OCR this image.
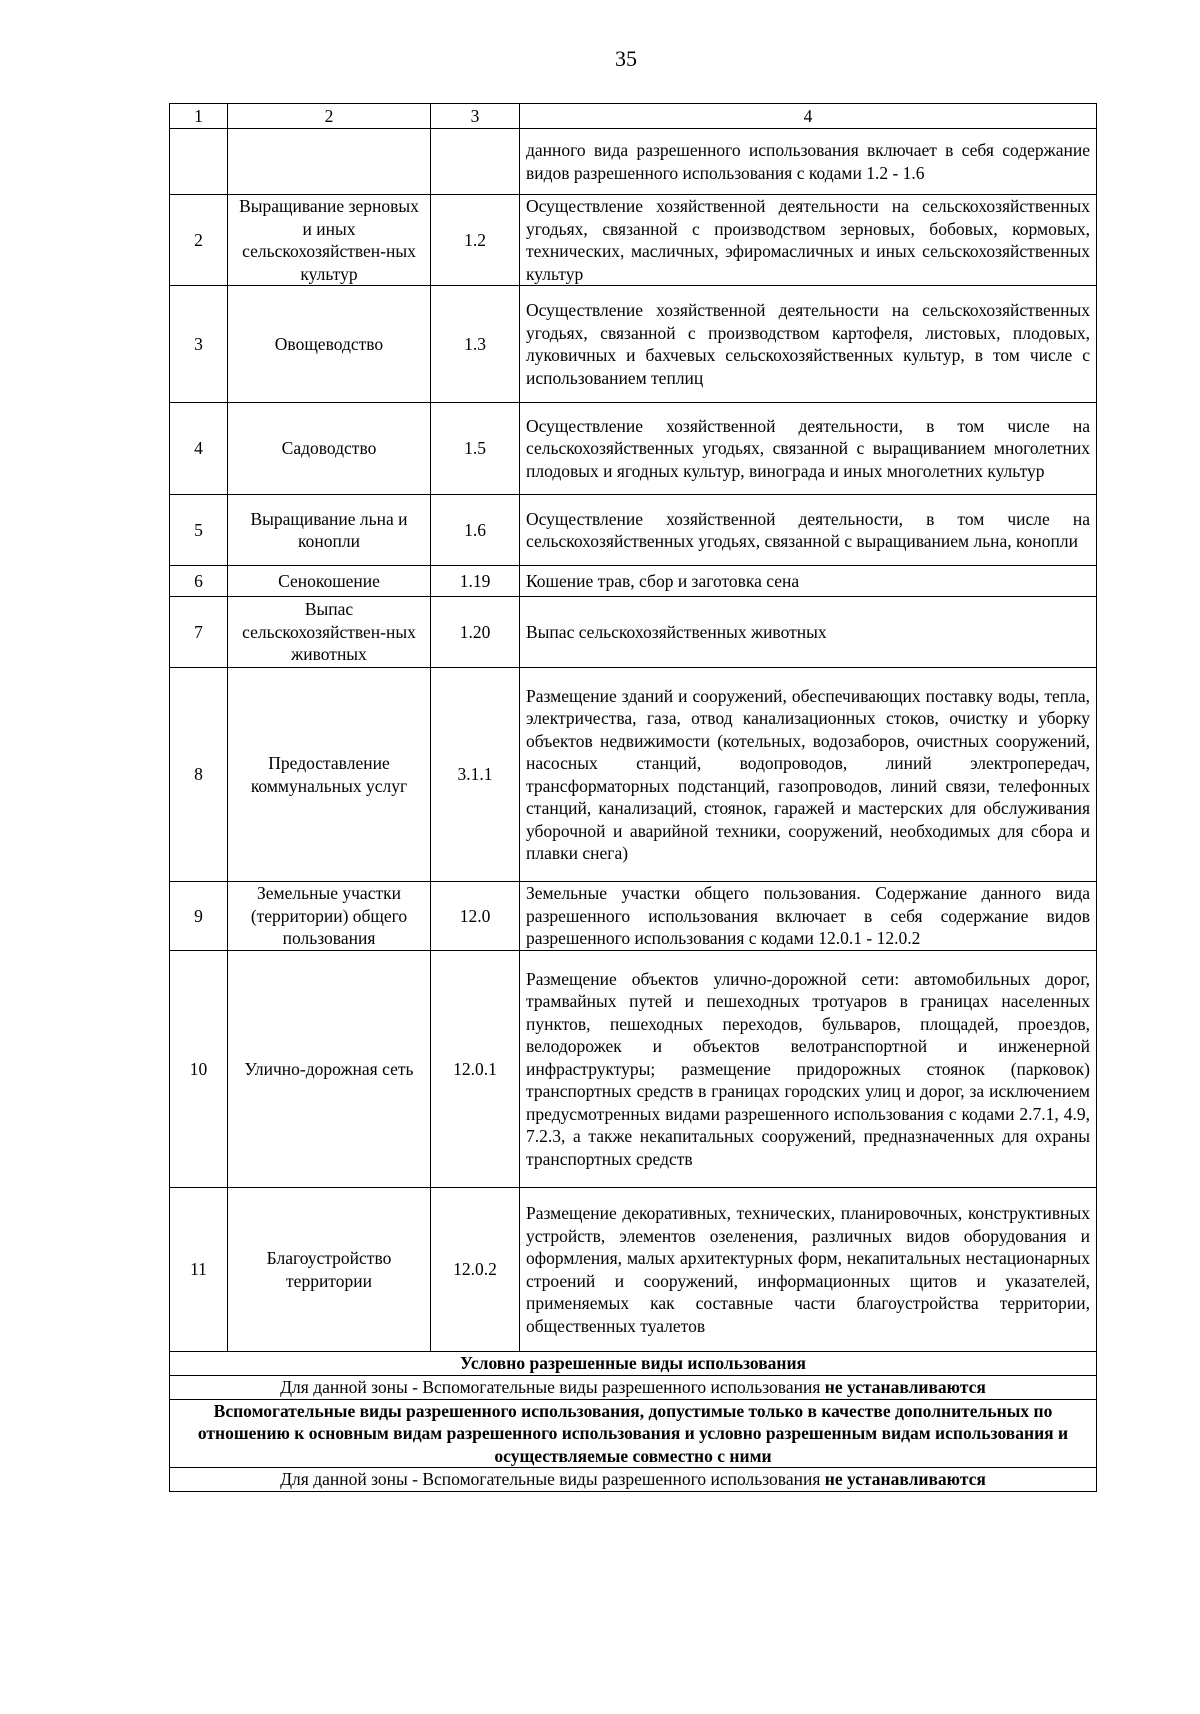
35
1	2	3	4
			данного вида разрешенного использования включает в себя содержание видов разрешенного использования с кодами 1.2 - 1.6
2	Выращивание зерновых и иных сельскохозяйствен-ных культур	1.2	Осуществление хозяйственной деятельности на сельскохозяйственных угодьях, связанной с производством зерновых, бобовых, кормовых, технических, масличных, эфиромасличных и иных сельскохозяйственных культур
3	Овощеводство	1.3	Осуществление хозяйственной деятельности на сельскохозяйственных угодьях, связанной с производством картофеля, листовых, плодовых, луковичных и бахчевых сельскохозяйственных культур, в том числе с использованием теплиц
4	Садоводство	1.5	Осуществление хозяйственной деятельности, в том числе на сельскохозяйственных угодьях, связанной с выращиванием многолетних плодовых и ягодных культур, винограда и иных многолетних культур
5	Выращивание льна и конопли	1.6	Осуществление хозяйственной деятельности, в том числе на сельскохозяйственных угодьях, связанной с выращиванием льна, конопли
6	Сенокошение	1.19	Кошение трав, сбор и заготовка сена
7	Выпас сельскохозяйствен-ных животных	1.20	Выпас сельскохозяйственных животных
8	Предоставление коммунальных услуг	3.1.1	Размещение зданий и сооружений, обеспечивающих поставку воды, тепла, электричества, газа, отвод канализационных стоков, очистку и уборку объектов недвижимости (котельных, водозаборов, очистных сооружений, насосных станций, водопроводов, линий электропередач, трансформаторных подстанций, газопроводов, линий связи, телефонных станций, канализаций, стоянок, гаражей и мастерских для обслуживания уборочной и аварийной техники, сооружений, необходимых для сбора и плавки снега)
9	Земельные участки (территории) общего пользования	12.0	Земельные участки общего пользования. Содержание данного вида разрешенного использования включает в себя содержание видов разрешенного использования с кодами 12.0.1 - 12.0.2
10	Улично-дорожная сеть	12.0.1	Размещение объектов улично-дорожной сети: автомобильных дорог, трамвайных путей и пешеходных тротуаров в границах населенных пунктов, пешеходных переходов, бульваров, площадей, проездов, велодорожек и объектов велотранспортной и инженерной инфраструктуры; размещение придорожных стоянок (парковок) транспортных средств в границах городских улиц и дорог, за исключением предусмотренных видами разрешенного использования с кодами 2.7.1, 4.9, 7.2.3, а также некапитальных сооружений, предназначенных для охраны транспортных средств
11	Благоустройство территории	12.0.2	Размещение декоративных, технических, планировочных, конструктивных устройств, элементов озеленения, различных видов оборудования и оформления, малых архитектурных форм, некапитальных нестационарных строений и сооружений, информационных щитов и указателей, применяемых как составные части благоустройства территории, общественных туалетов
Условно разрешенные виды использования			
Для данной зоны - Вспомогательные виды разрешенного использования не устанавливаются			
Вспомогательные виды разрешенного использования, допустимые только в качестве дополнительных по отношению к основным видам разрешенного использования и условно разрешенным видам использования и осуществляемые совместно с ними			
Для данной зоны - Вспомогательные виды разрешенного использования не устанавливаются			
